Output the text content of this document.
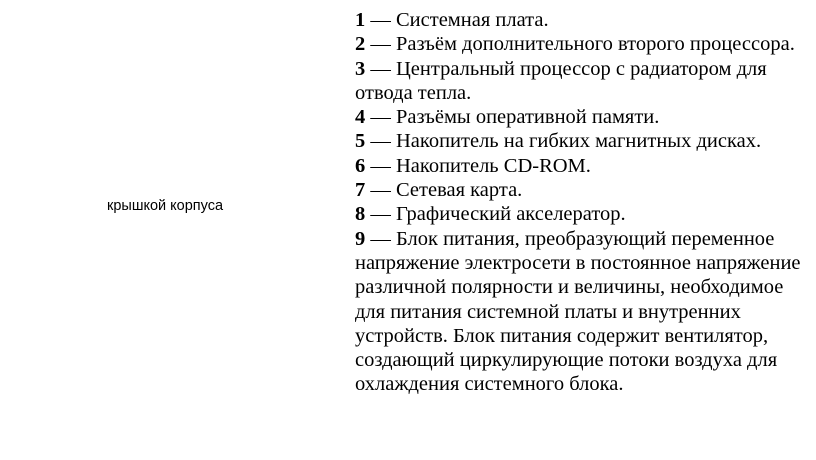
крышкой корпуса
1 — Системная плата.
2 — Разъём дополнительного второго процессора.
3 — Центральный процессор с радиатором для отвода тепла.
4 — Разъёмы оперативной памяти.
5 — Накопитель на гибких магнитных дисках.
6 — Накопитель CD-ROM.
7 — Сетевая карта.
8 — Графический акселератор.
9 — Блок питания, преобразующий переменное напряжение электросети в постоянное напряжение различной полярности и величины, необходимое для питания системной платы и внутренних устройств. Блок питания содержит вентилятор, создающий циркулирующие потоки воздуха для охлаждения системного блока.
